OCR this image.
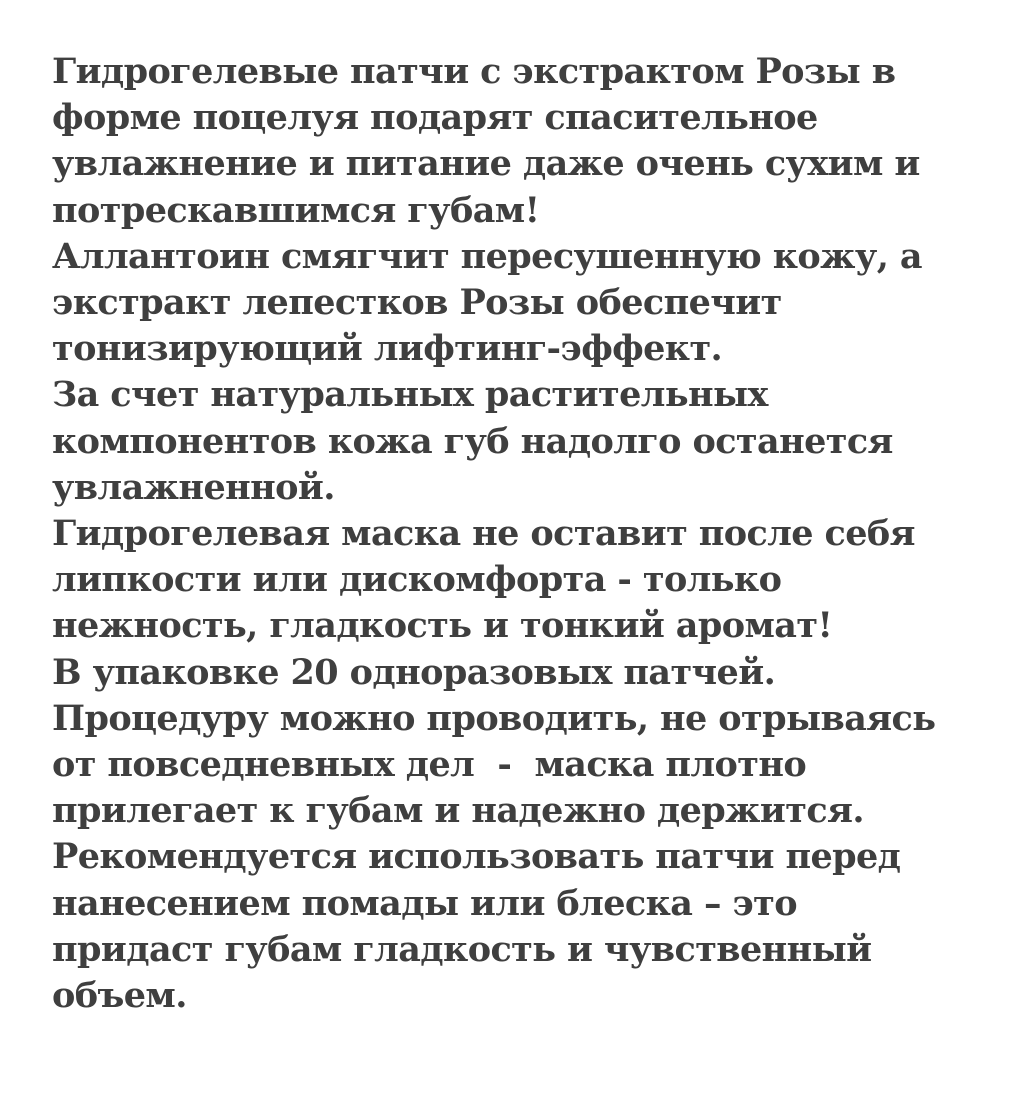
Гидрогелевые патчи с экстрактом Розы в
форме поцелуя подарят спасительное
увлажнение и питание даже очень сухим и
потрескавшимся губам!
Аллантоин смягчит пересушенную кожу, а
экстракт лепестков Розы обеспечит
тонизирующий лифтинг-эффект.
За счет натуральных растительных
компонентов кожа губ надолго останется
увлажненной.
Гидрогелевая маска не оставит после себя
липкости или дискомфорта - только
нежность, гладкость и тонкий аромат!
В упаковке 20 одноразовых патчей.
Процедуру можно проводить, не отрываясь
от повседневных дел  -  маска плотно
прилегает к губам и надежно держится.
Рекомендуется использовать патчи перед
нанесением помады или блеска – это
придаст губам гладкость и чувственный
объем.
